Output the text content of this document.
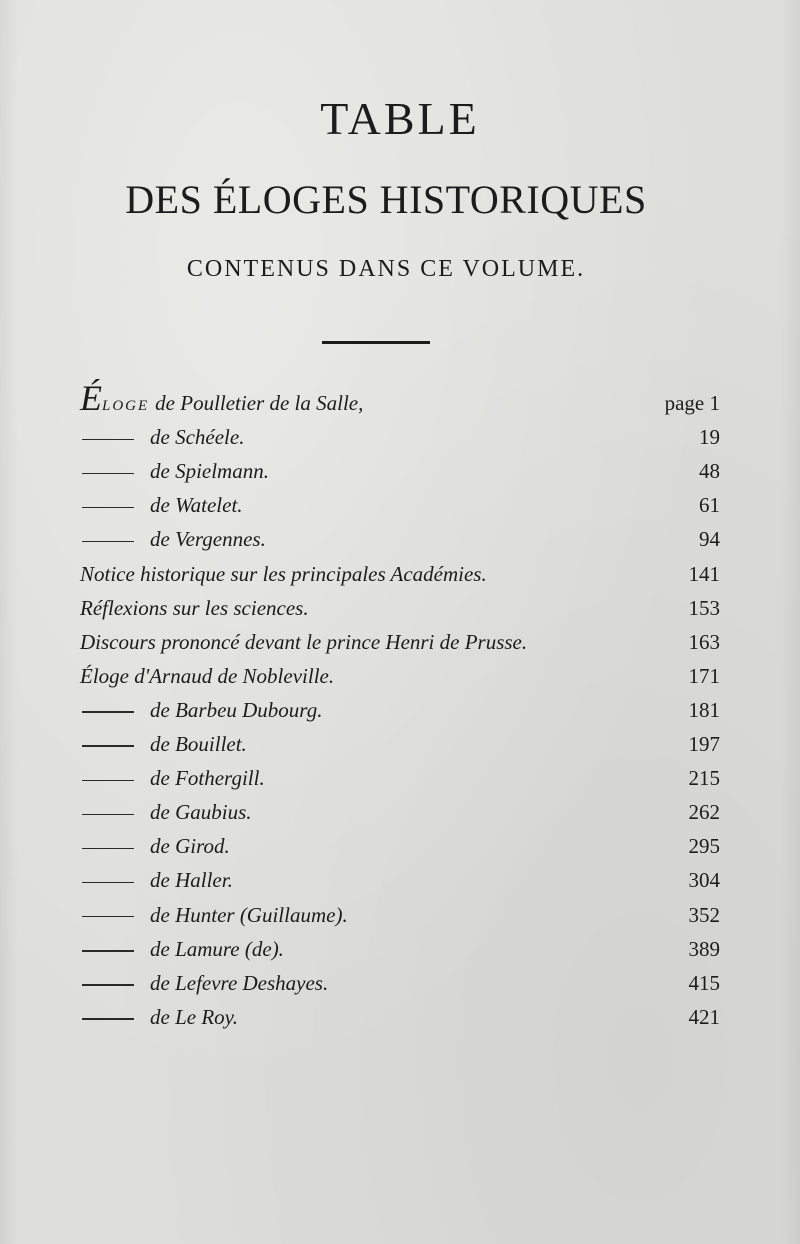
TABLE
DES ÉLOGES HISTORIQUES
CONTENUS DANS CE VOLUME.
ÉLOGE de Poulletier de la Salle,	page 1
de Schéele.	19
de Spielmann.	48
de Watelet.	61
de Vergennes.	94
Notice historique sur les principales Académies.	141
Réflexions sur les sciences.	153
Discours prononcé devant le prince Henri de Prusse.	163
Éloge d'Arnaud de Nobleville.	171
de Barbeu Dubourg.	181
de Bouillet.	197
de Fothergill.	215
de Gaubius.	262
de Girod.	295
de Haller.	304
de Hunter (Guillaume).	352
de Lamure (de).	389
de Lefevre Deshayes.	415
de Le Roy.	421
